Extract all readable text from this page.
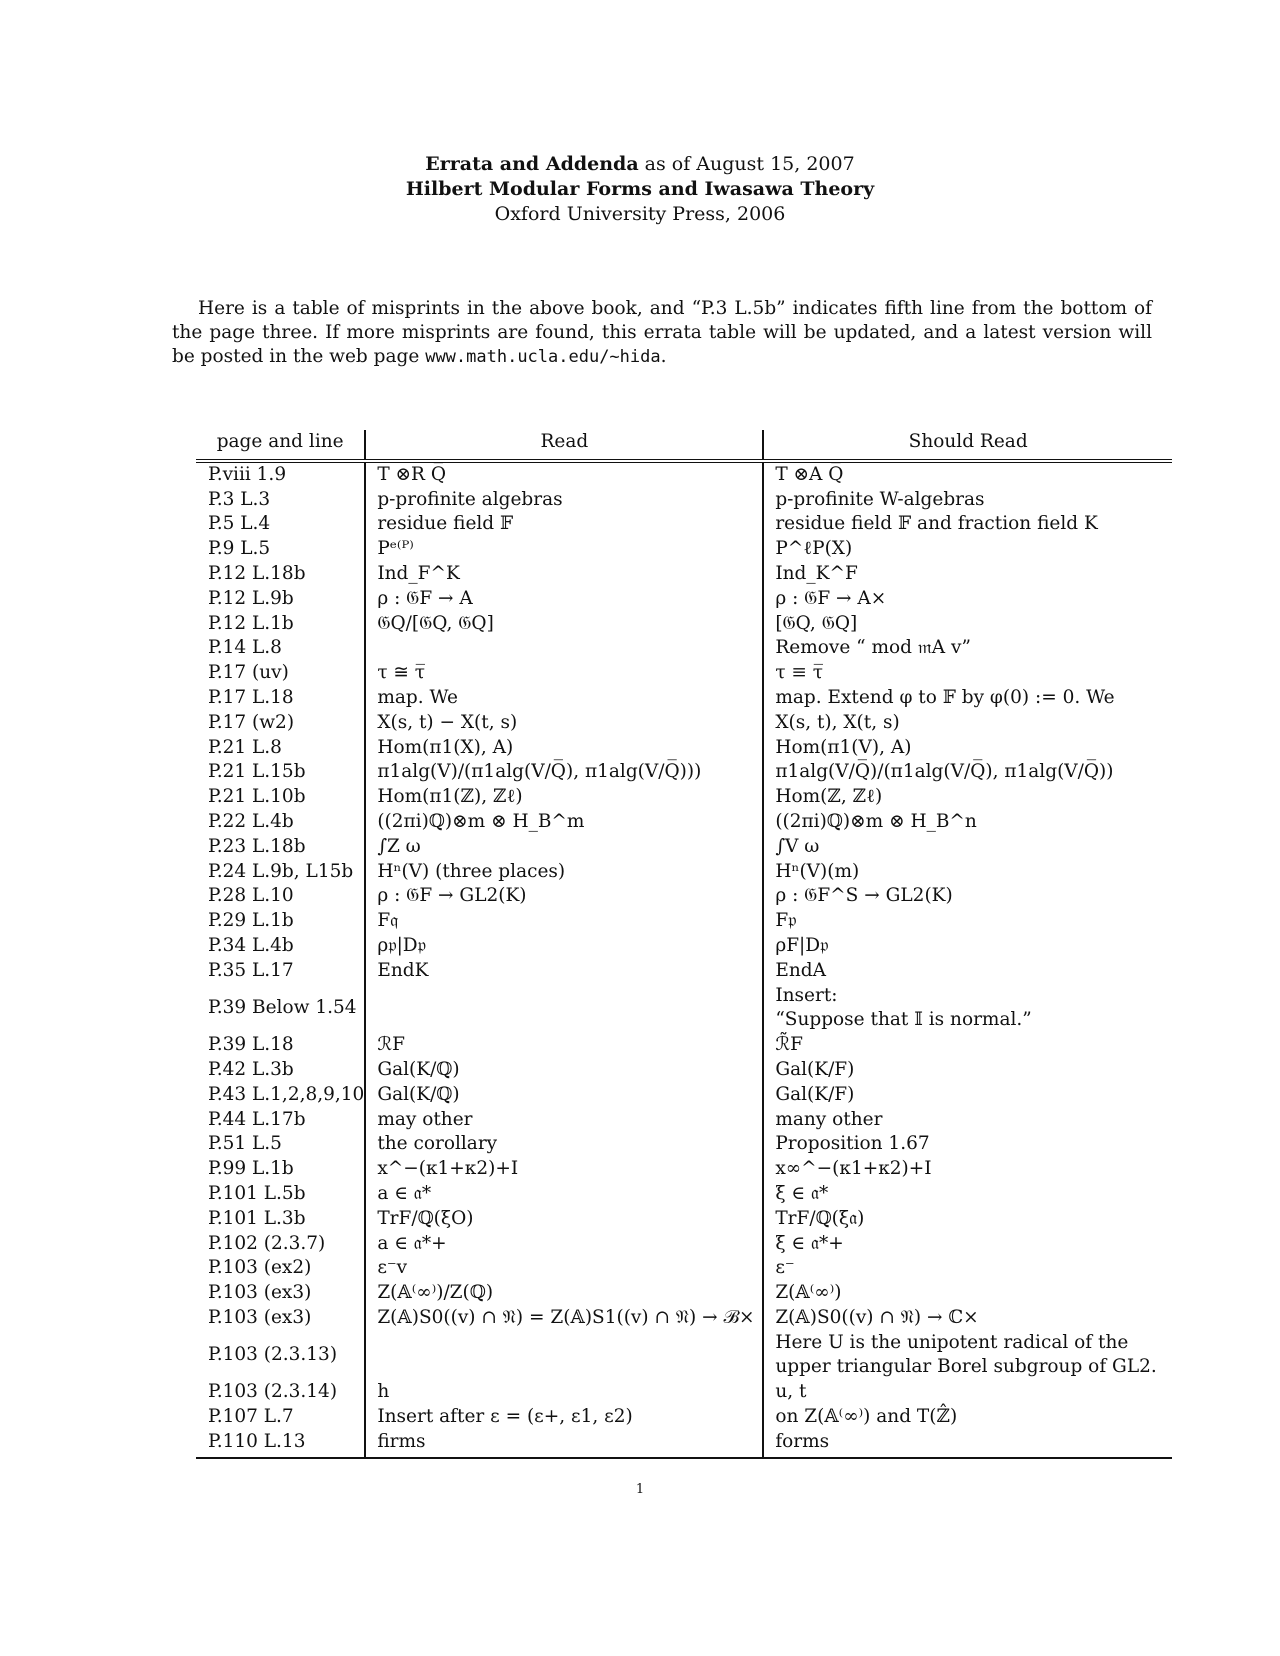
Errata and Addenda as of August 15, 2007
Hilbert Modular Forms and Iwasawa Theory
Oxford University Press, 2006
Here is a table of misprints in the above book, and “P.3 L.5b” indicates fifth line from the bottom of the page three. If more misprints are found, this errata table will be updated, and a latest version will be posted in the web page www.math.ucla.edu/~hida.
page and line	Read	Should Read
P.viii 1.9	T ⊗R Q̅	T ⊗A Q̅
P.3 L.3	p-profinite algebras	p-profinite W-algebras
P.5 L.4	residue field 𝔽	residue field 𝔽 and fraction field K
P.9 L.5	Pᵉ⁽ᴾ⁾	P^ℓP(X)
P.12 L.18b	Ind_F^K	Ind_K^F
P.12 L.9b	ρ : 𝔊F → A	ρ : 𝔊F → A×
P.12 L.1b	𝔊Q/[𝔊Q, 𝔊Q]	[𝔊Q, 𝔊Q]
P.14 L.8		Remove “ mod 𝔪A v”
P.17 (uv)	τ ≅ τ̅	τ ≡ τ̅
P.17 L.18	map. We	map. Extend φ to 𝔽 by φ(0) := 0. We
P.17 (w2)	X(s, t) − X(t, s)	X(s, t), X(t, s)
P.21 L.8	Hom(π1(X), A)	Hom(π1(V), A)
P.21 L.15b	π1alg(V)/(π1alg(V/Q̅), π1alg(V/Q̅)))	π1alg(V/Q̅)/(π1alg(V/Q̅), π1alg(V/Q̅))
P.21 L.10b	Hom(π1(ℤ), ℤℓ)	Hom(ℤ, ℤℓ)
P.22 L.4b	((2πi)ℚ)⊗m ⊗ H_B^m	((2πi)ℚ)⊗m ⊗ H_B^n
P.23 L.18b	∫Z ω	∫V ω
P.24 L.9b, L15b	Hⁿ(V) (three places)	Hⁿ(V)(m)
P.28 L.10	ρ : 𝔊F → GL2(K)	ρ : 𝔊F^S → GL2(K)
P.29 L.1b	F𝔮	F𝔭
P.34 L.4b	ρ𝔭|D𝔭	ρF|D𝔭
P.35 L.17	EndK	EndA
P.39 Below 1.54		Insert:
“Suppose that 𝕀 is normal.”

P.39 L.18	ℛF	ℛ̃F
P.42 L.3b	Gal(K/ℚ)	Gal(K/F)
P.43 L.1,2,8,9,10	Gal(K/ℚ)	Gal(K/F)
P.44 L.17b	may other	many other
P.51 L.5	the corollary	Proposition 1.67
P.99 L.1b	x^−(κ1+κ2)+I	x∞^−(κ1+κ2)+I
P.101 L.5b	a ∈ 𝔞*	ξ ∈ 𝔞*
P.101 L.3b	TrF/ℚ(ξO)	TrF/ℚ(ξ𝔞)
P.102 (2.3.7)	a ∈ 𝔞*+	ξ ∈ 𝔞*+
P.103 (ex2)	ε⁻v	ε⁻
P.103 (ex3)	Z(𝔸⁽∞⁾)/Z(ℚ)	Z(𝔸⁽∞⁾)
P.103 (ex3)	Z(𝔸)S0((v) ∩ 𝔑) = Z(𝔸)S1((v) ∩ 𝔑) → ℬ×	Z(𝔸)S0((v) ∩ 𝔑) → ℂ×
P.103 (2.3.13)		Here U is the unipotent radical of the
upper triangular Borel subgroup of GL2.

P.103 (2.3.14)	h	u, t
P.107 L.7	Insert after ε = (ε+, ε1, ε2)	on Z(𝔸⁽∞⁾) and T(ℤ̂)
P.110 L.13	firms	forms
1
